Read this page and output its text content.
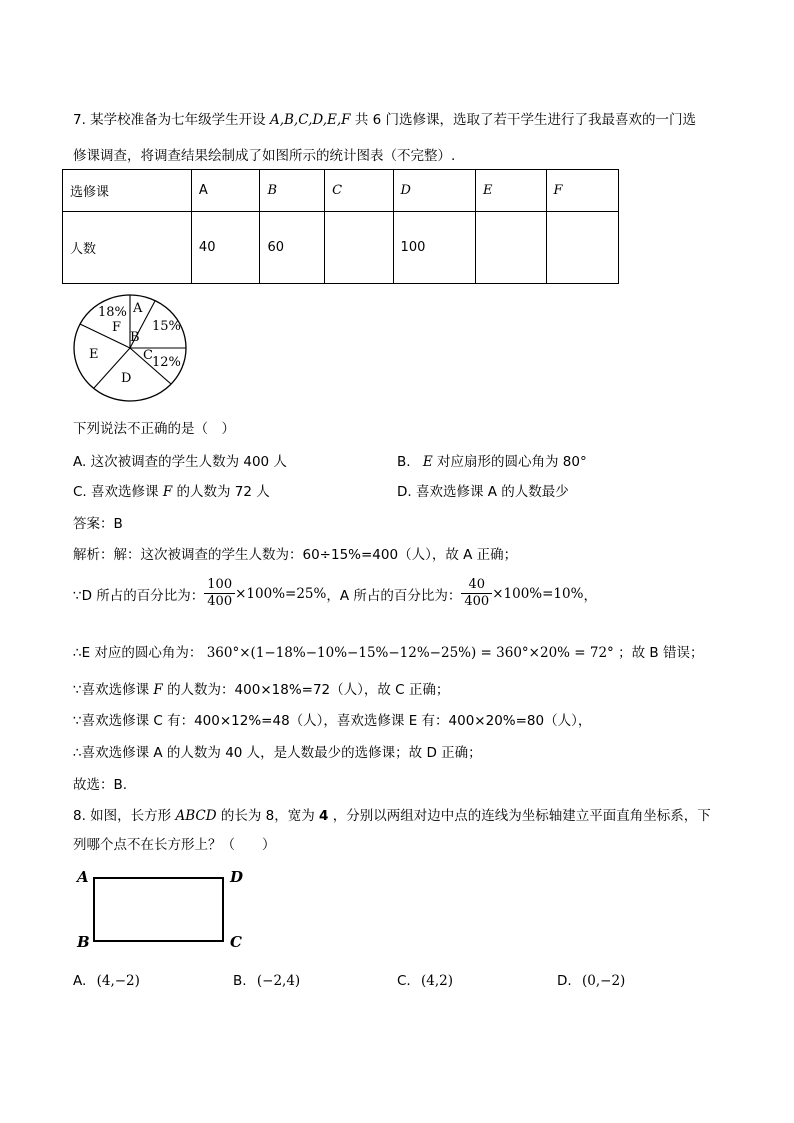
7. 某学校准备为七年级学生开设 A,B,C,D,E,F 共 6 门选修课，选取了若干学生进行了我最喜欢的一门选
修课调查，将调查结果绘制成了如图所示的统计图表（不完整）.
选修课	A	B	C	D	E	F
人数	40	60		100		
A
B
C
D
E
F
18%
15%
12%
下列说法不正确的是（　）
A. 这次被调查的学生人数为 400 人	B. E 对应扇形的圆心角为 80°
C. 喜欢选修课 F 的人数为 72 人	D. 喜欢选修课 A 的人数最少
答案：B
解析：解：这次被调查的学生人数为：60÷15%=400（人），故 A 正确；
∵D 所占的百分比为： $\frac{100}{400} \times 100\%=25\%$ ，A 所占的百分比为： $\frac{40}{400} \times 100\%=10\%$ ，
∴E 对应的圆心角为： 360°×(1−18%−10%−15%−12%−25%) = 360°×20% = 72° ；故 B 错误；
∵喜欢选修课 F 的人数为：400×18%=72（人），故 C 正确；
∵喜欢选修课 C 有：400×12%=48（人），喜欢选修课 E 有：400×20%=80（人），
∴喜欢选修课 A 的人数为 40 人，是人数最少的选修课；故 D 正确；
故选：B.
8. 如图，长方形 ABCD 的长为 8，宽为 4 ，分别以两组对边中点的连线为坐标轴建立平面直角坐标系，下
列哪个点不在长方形上？（　　）
A	D
B	C
A. (4,−2)	B. (−2,4)	C. (4,2)	D. (0,−2)
